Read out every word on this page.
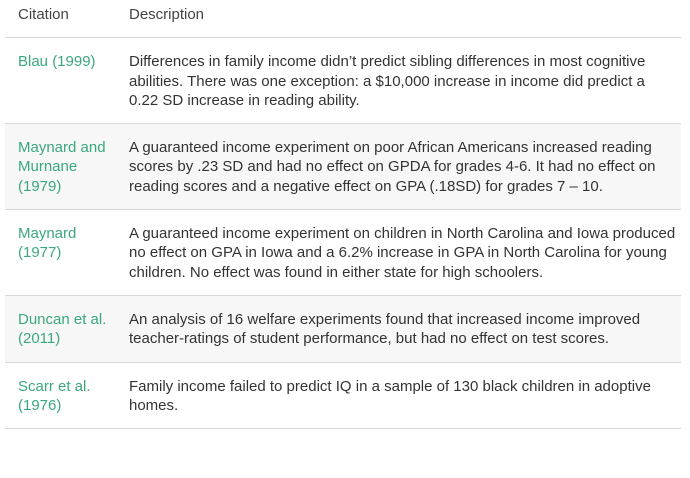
Citation	Description
Blau (1999)	Differences in family income didn’t predict sibling differences in most cognitive abilities. There was one exception: a $10,000 increase in income did predict a 0.22 SD increase in reading ability.
Maynard and Murnane (1979)	A guaranteed income experiment on poor African Americans increased reading scores by .23 SD and had no effect on GPDA for grades 4-6. It had no effect on reading scores and a negative effect on GPA (.18SD) for grades 7 – 10.
Maynard (1977)	A guaranteed income experiment on children in North Carolina and Iowa produced no effect on GPA in Iowa and a 6.2% increase in GPA in North Carolina for young children. No effect was found in either state for high schoolers.
Duncan et al. (2011)	An analysis of 16 welfare experiments found that increased income improved teacher-ratings of student performance, but had no effect on test scores.
Scarr et al. (1976)	Family income failed to predict IQ in a sample of 130 black children in adoptive homes.
